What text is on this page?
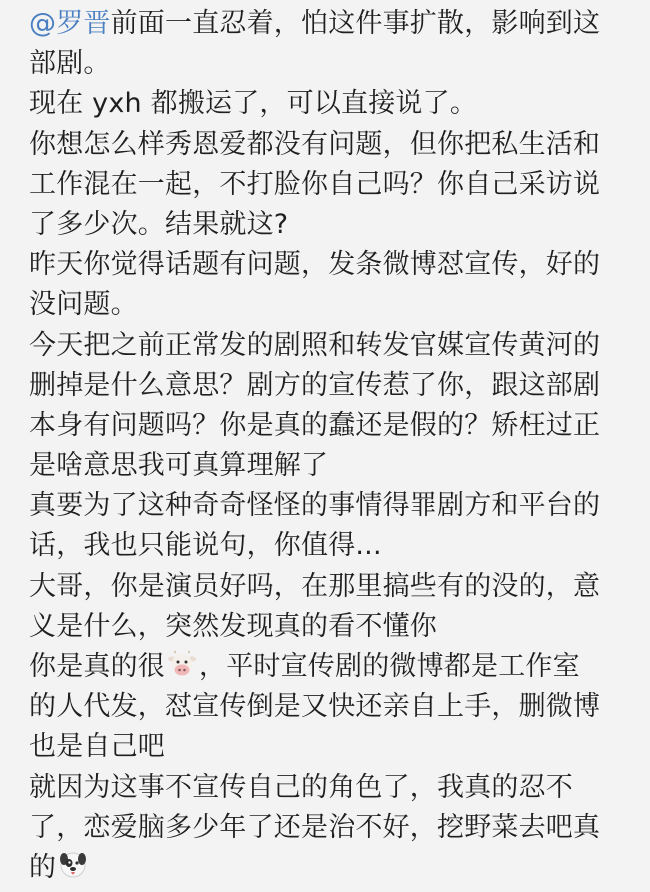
@罗晋前面一直忍着，怕这件事扩散，影响到这
部剧。
现在 yxh 都搬运了，可以直接说了。
你想怎么样秀恩爱都没有问题，但你把私生活和
工作混在一起，不打脸你自己吗？你自己采访说
了多少次。结果就这?
昨天你觉得话题有问题，发条微博怼宣传，好的
没问题。
今天把之前正常发的剧照和转发官媒宣传黄河的
删掉是什么意思？剧方的宣传惹了你，跟这部剧
本身有问题吗？你是真的蠢还是假的？矫枉过正
是啥意思我可真算理解了
真要为了这种奇奇怪怪的事情得罪剧方和平台的
话，我也只能说句，你值得...
大哥，你是演员好吗，在那里搞些有的没的，意
义是什么，突然发现真的看不懂你
你是真的很 ，平时宣传剧的微博都是工作室
的人代发，怼宣传倒是又快还亲自上手，删微博
也是自己吧
就因为这事不宣传自己的角色了，我真的忍不
了，恋爱脑多少年了还是治不好，挖野菜去吧真
的
